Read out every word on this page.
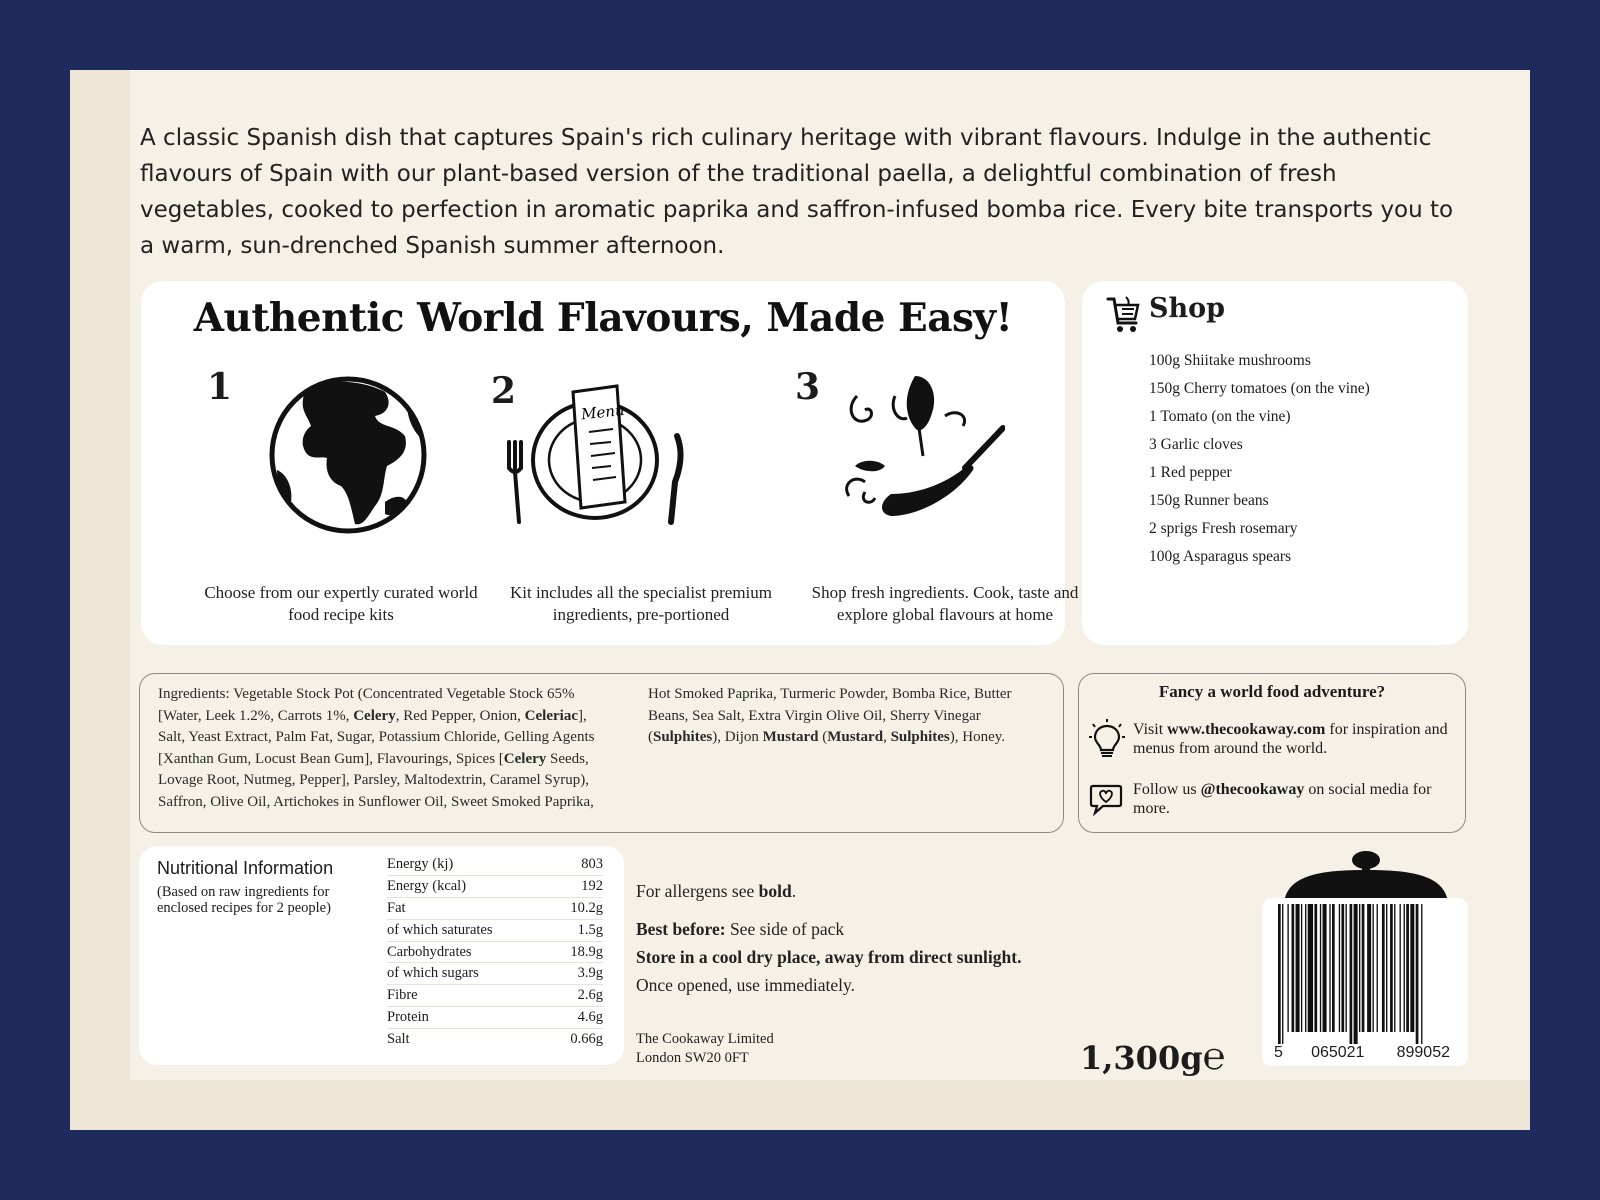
A classic Spanish dish that captures Spain's rich culinary heritage with vibrant flavours. Indulge in the authentic flavours of Spain with our plant-based version of the traditional paella, a delightful combination of fresh vegetables, cooked to perfection in aromatic paprika and saffron-infused bomba rice. Every bite transports you to a warm, sun-drenched Spanish summer afternoon.

Authentic World Flavours, Made Easy!
1
Choose from our expertly curated world food recipe kits
2
Menu
Kit includes all the specialist premium ingredients, pre-portioned
3
Shop fresh ingredients. Cook, taste and explore global flavours at home
Shop
100g Shiitake mushrooms
150g Cherry tomatoes (on the vine)
1 Tomato (on the vine)
3 Garlic cloves
1 Red pepper
150g Runner beans
2 sprigs Fresh rosemary
100g Asparagus spears
Ingredients: Vegetable Stock Pot (Concentrated Vegetable Stock 65%
[Water, Leek 1.2%, Carrots 1%, Celery, Red Pepper, Onion, Celeriac],
Salt, Yeast Extract, Palm Fat, Sugar, Potassium Chloride, Gelling Agents
[Xanthan Gum, Locust Bean Gum], Flavourings, Spices [Celery Seeds,
Lovage Root, Nutmeg, Pepper], Parsley, Maltodextrin, Caramel Syrup),
Saffron, Olive Oil, Artichokes in Sunflower Oil, Sweet Smoked Paprika,
Hot Smoked Paprika, Turmeric Powder, Bomba Rice, Butter
Beans, Sea Salt, Extra Virgin Olive Oil, Sherry Vinegar
(Sulphites), Dijon Mustard (Mustard, Sulphites), Honey.
Fancy a world food adventure?
Visit www.thecookaway.com for inspiration and menus from around the world.
Follow us @thecookaway on social media for more.
Nutritional Information
(Based on raw ingredients for enclosed recipes for 2 people)
Energy (kj)	803
Energy (kcal)	192
Fat	10.2g
of which saturates	1.5g
Carbohydrates	18.9g
of which sugars	3.9g
Fibre	2.6g
Protein	4.6g
Salt	0.66g
For allergens see bold.
Best before: See side of pack
Store in a cool dry place, away from direct sunlight.
Once opened, use immediately.
The Cookaway Limited
London SW20 0FT	1,300g℮	5	065021	899052
